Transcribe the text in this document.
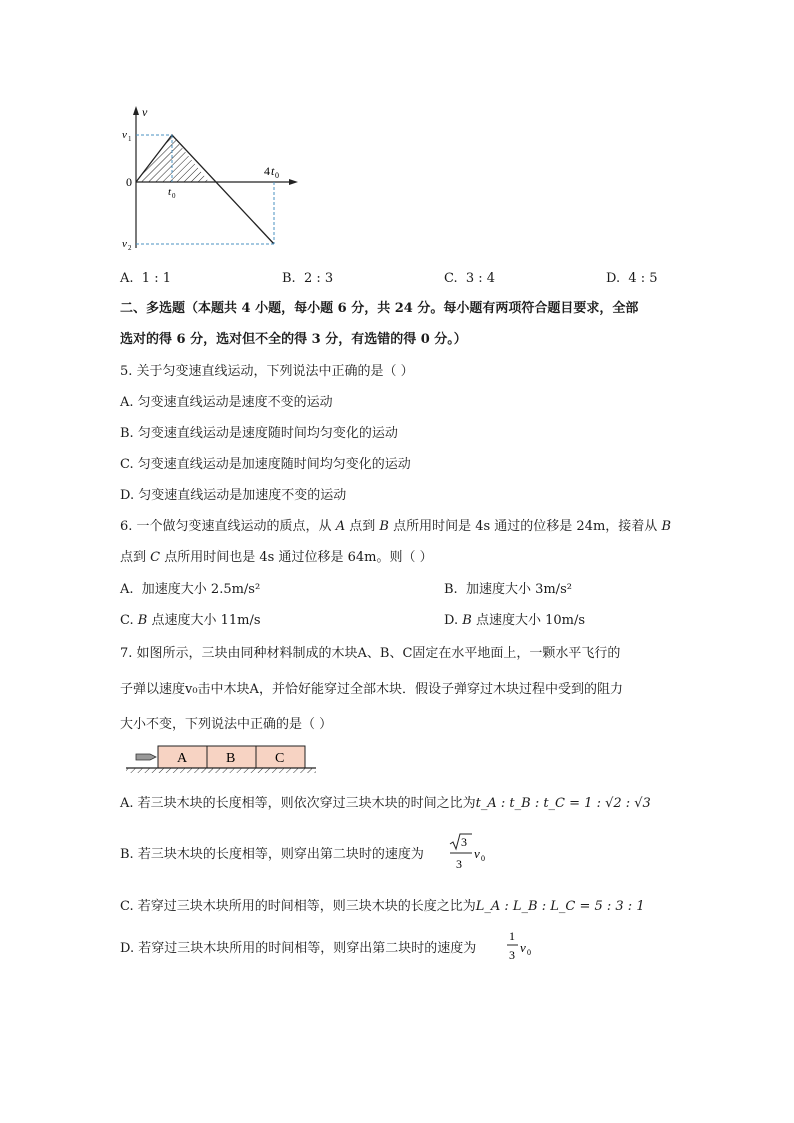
v
v 1
v 2
0
t 0
4 t 0
A. 1 : 1	B. 2 : 3	C. 3 : 4	D. 4 : 5
二、多选题（本题共 4 小题，每小题 6 分，共 24 分。每小题有两项符合题目要求，全部
选对的得 6 分，选对但不全的得 3 分，有选错的得 0 分。）
5. 关于匀变速直线运动，下列说法中正确的是（ ）
A. 匀变速直线运动是速度不变的运动
B. 匀变速直线运动是速度随时间均匀变化的运动
C. 匀变速直线运动是加速度随时间均匀变化的运动
D. 匀变速直线运动是加速度不变的运动
6. 一个做匀变速直线运动的质点，从 A 点到 B 点所用时间是 4s 通过的位移是 24m，接着从 B
点到 C 点所用时间也是 4s 通过位移是 64m。则（ ）
A. 加速度大小 2.5m/s²	B. 加速度大小 3m/s²
C. B 点速度大小 11m/s	D. B 点速度大小 10m/s
7. 如图所示，三块由同种材料制成的木块A、B、C固定在水平地面上，一颗水平飞行的
子弹以速度v₀击中木块A，并恰好能穿过全部木块．假设子弹穿过木块过程中受到的阻力
大小不变，下列说法中正确的是（ ）
A	B	C
A. 若三块木块的长度相等，则依次穿过三块木块的时间之比为t_A : t_B : t_C = 1 : √2 : √3
B. 若三块木块的长度相等，则穿出第二块时的速度为
3
3
v 0
C. 若穿过三块木块所用的时间相等，则三块木块的长度之比为L_A : L_B : L_C = 5 : 3 : 1
D. 若穿过三块木块所用的时间相等，则穿出第二块时的速度为
1
3 v 0
